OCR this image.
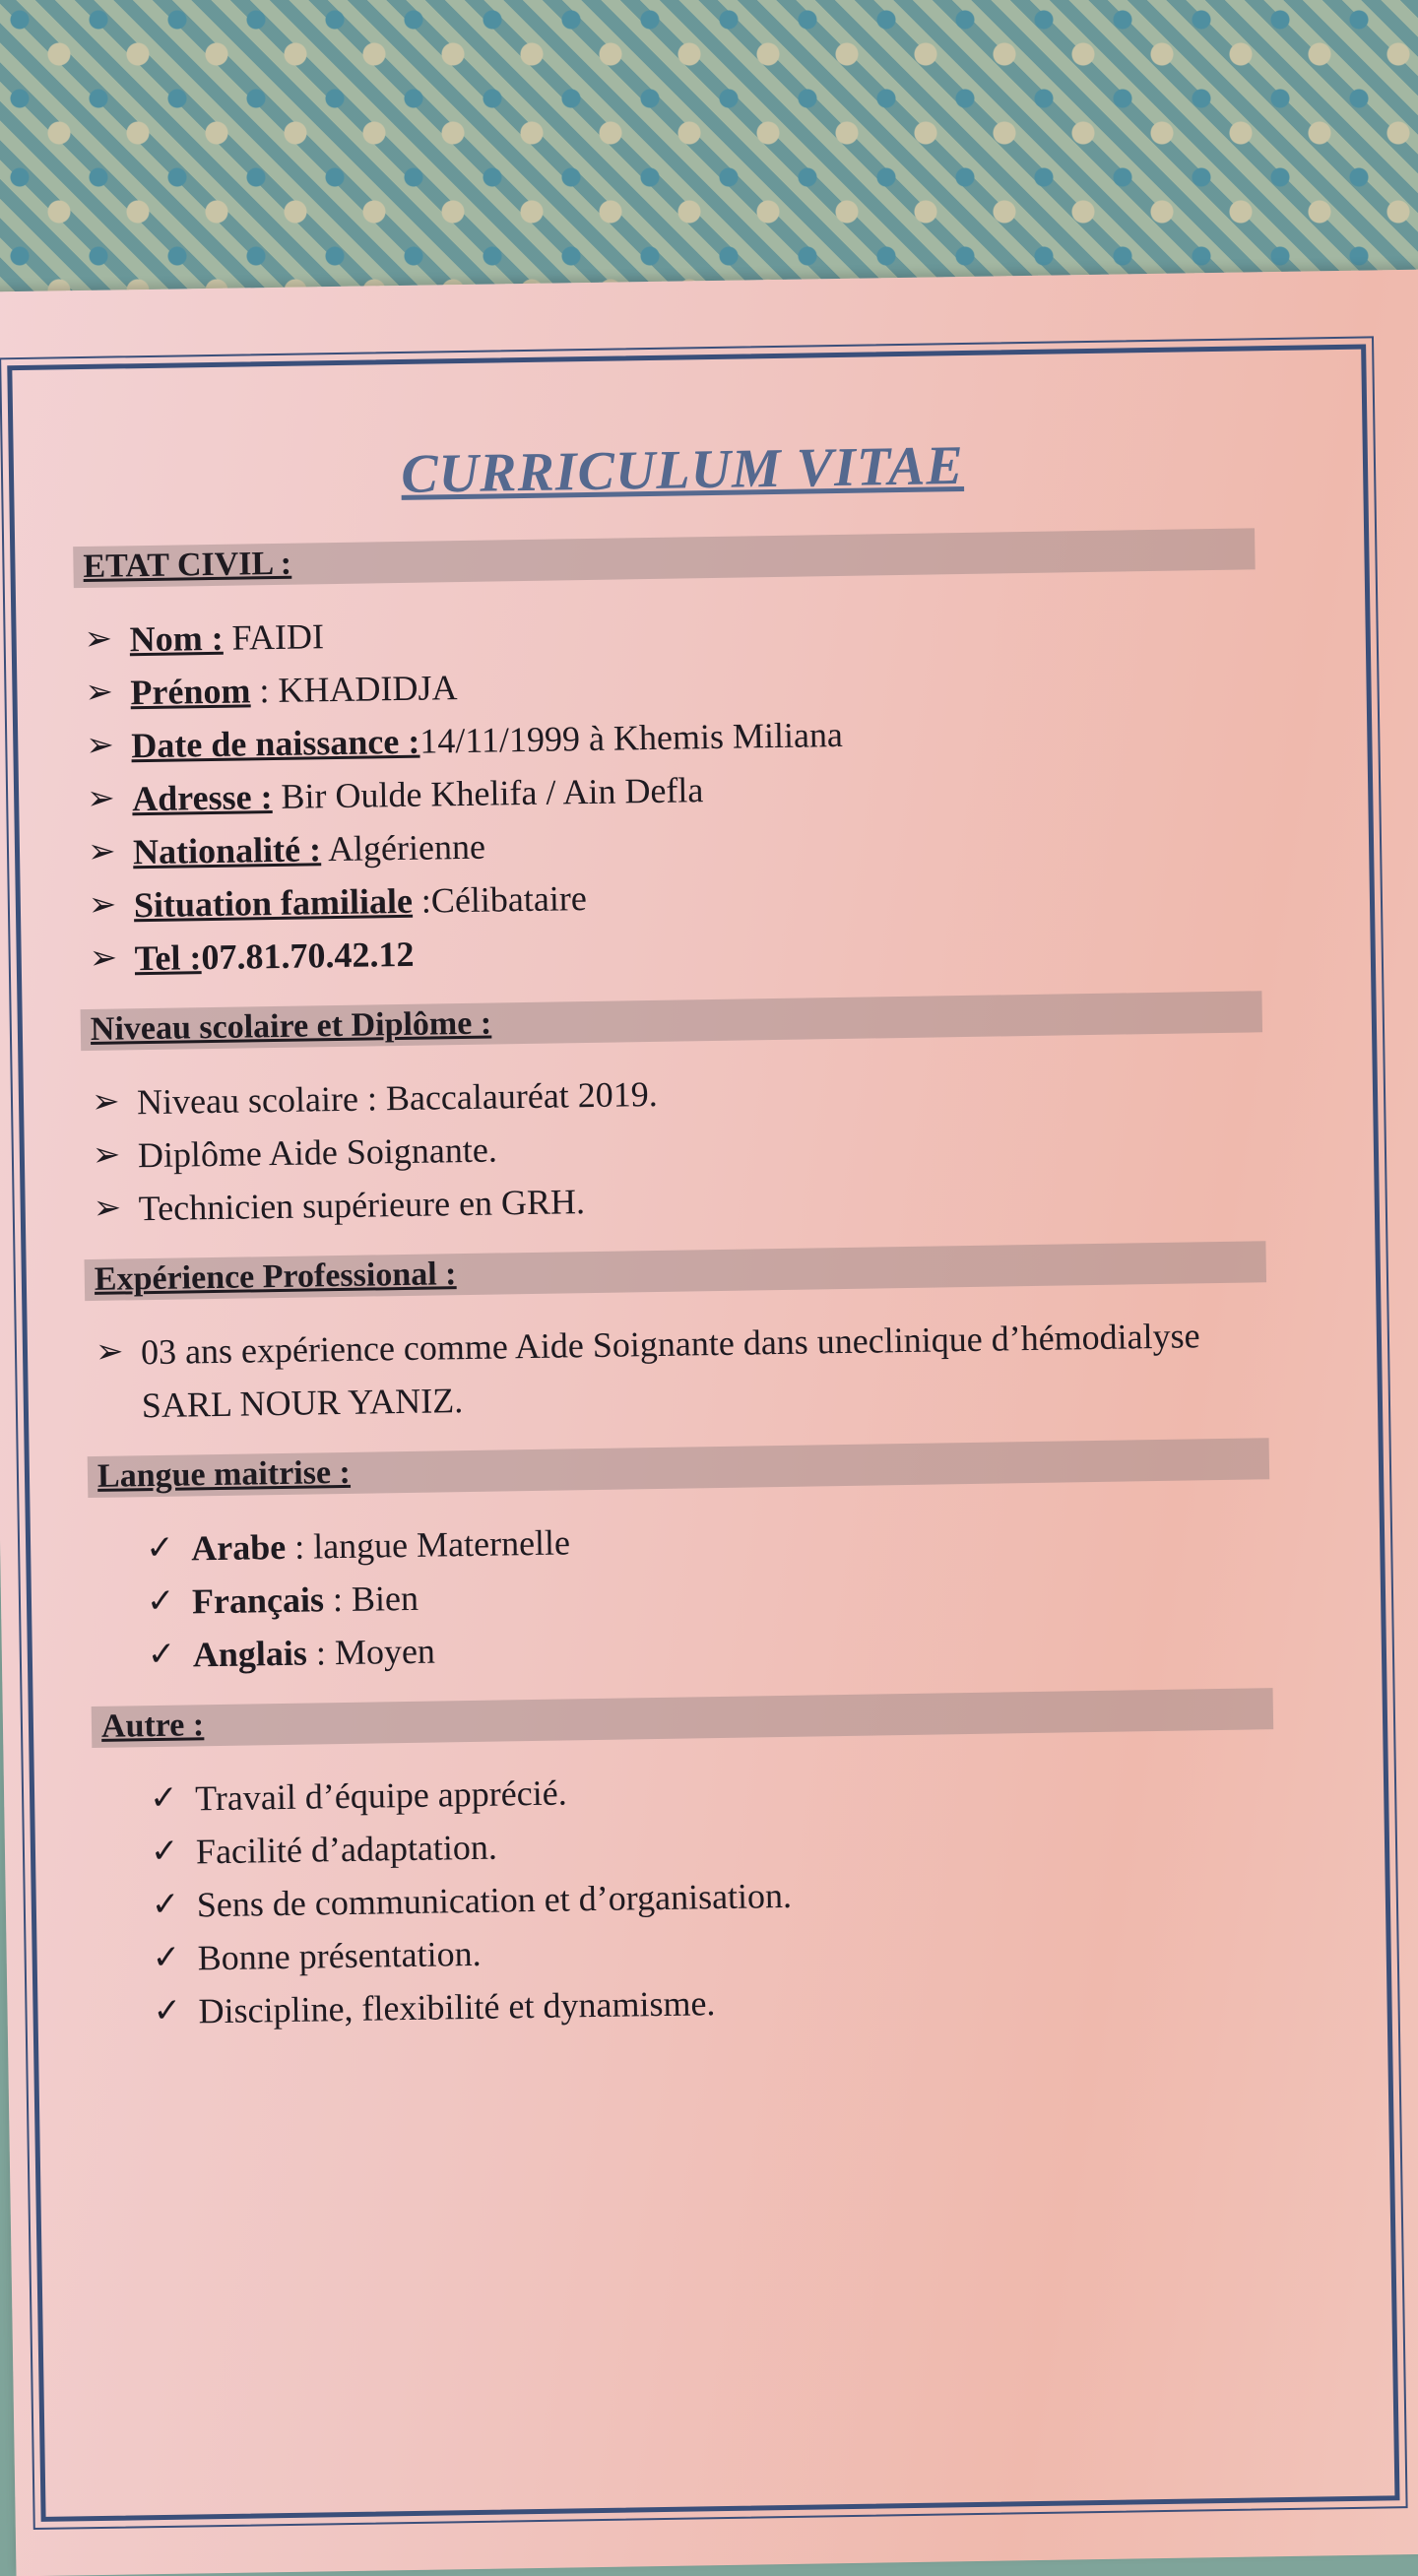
CURRICULUM VITAE
ETAT CIVIL :
➢ Nom : FAIDI
➢ Prénom : KHADIDJA
➢ Date de naissance :14/11/1999 à Khemis Miliana
➢ Adresse : Bir Oulde Khelifa / Ain Defla
➢ Nationalité : Algérienne
➢ Situation familiale :Célibataire
➢ Tel :07.81.70.42.12
Niveau scolaire et Diplôme :
➢ Niveau scolaire : Baccalauréat 2019.
➢ Diplôme Aide Soignante.
➢ Technicien supérieure en GRH.
Expérience Professional :
➢ 03 ans expérience comme Aide Soignante dans uneclinique d’hémodialyse SARL NOUR YANIZ.
Langue maitrise :
✓ Arabe : langue Maternelle
✓ Français : Bien
✓ Anglais : Moyen
Autre :
✓ Travail d’équipe apprécié.
✓ Facilité d’adaptation.
✓ Sens de communication et d’organisation.
✓ Bonne présentation.
✓ Discipline, flexibilité et dynamisme.
